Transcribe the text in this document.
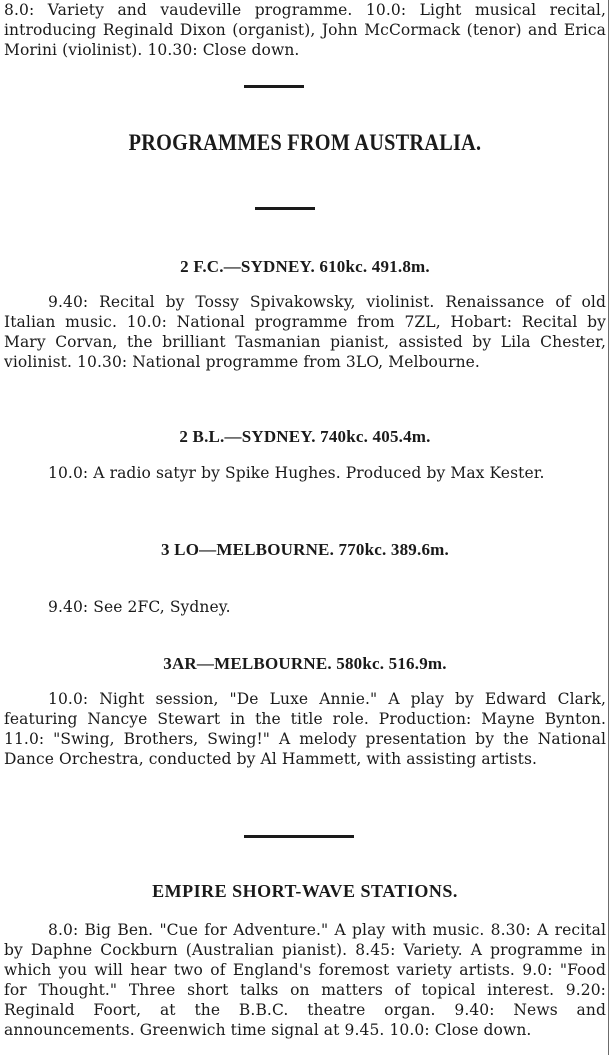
8.0: Variety and vaudeville programme. 10.0: Light musical recital, introducing Reginald Dixon (organist), John McCormack (tenor) and Erica Morini (violinist). 10.30: Close down.

PROGRAMMES FROM AUSTRALIA.
2 F.C.—SYDNEY. 610kc. 491.8m.

9.40: Recital by Tossy Spivakowsky, violinist. Renaissance of old Italian music. 10.0: National programme from 7ZL, Hobart: Recital by Mary Corvan, the brilliant Tasmanian pianist, assisted by Lila Chester, violinist. 10.30: National programme from 3LO, Melbourne.

2 B.L.—SYDNEY. 740kc. 405.4m.

10.0: A radio satyr by Spike Hughes. Produced by Max Kester.

3 LO—MELBOURNE. 770kc. 389.6m.

9.40: See 2FC, Sydney.

3AR—MELBOURNE. 580kc. 516.9m.

10.0: Night session, "De Luxe Annie." A play by Edward Clark, featuring Nancye Stewart in the title role. Production: Mayne Bynton. 11.0: "Swing, Brothers, Swing!" A melody presentation by the National Dance Orchestra, conducted by Al Hammett, with assisting artists.

EMPIRE SHORT-WAVE STATIONS.

8.0: Big Ben. "Cue for Adventure." A play with music. 8.30: A recital by Daphne Cockburn (Australian pianist). 8.45: Variety. A programme in which you will hear two of England's foremost variety artists. 9.0: "Food for Thought." Three short talks on matters of topical interest. 9.20: Reginald Foort, at the B.B.C. theatre organ. 9.40: News and announcements. Greenwich time signal at 9.45. 10.0: Close down.
